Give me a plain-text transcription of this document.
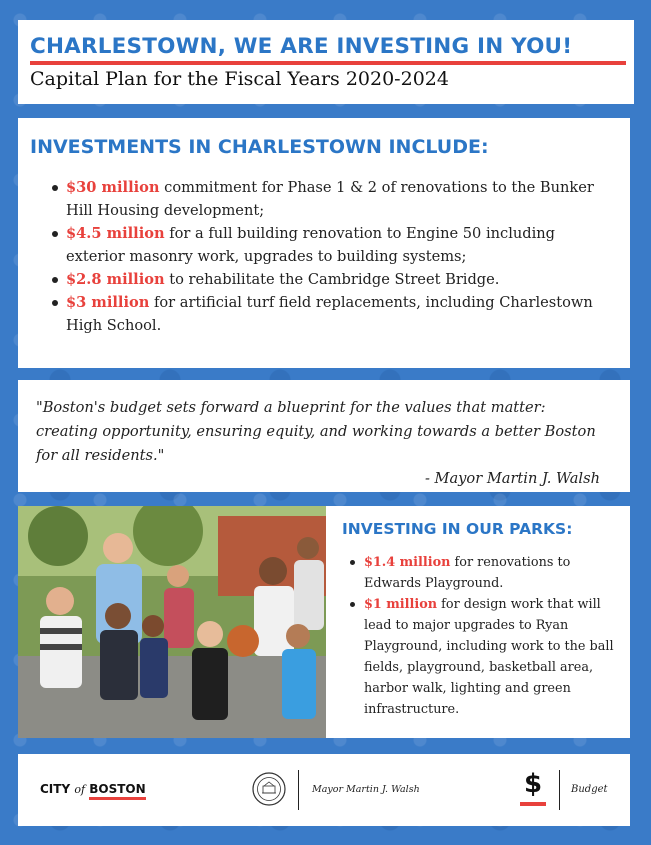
CHARLESTOWN, WE ARE INVESTING IN YOU!
Capital Plan for the Fiscal Years 2020-2024
INVESTMENTS IN CHARLESTOWN INCLUDE:
$30 million commitment for Phase 1 & 2 of renovations to the Bunker Hill Housing development;
$4.5 million for a full building renovation to Engine 50 including exterior masonry work, upgrades to building systems;
$2.8 million to rehabilitate the Cambridge Street Bridge.
$3 million for artificial turf field replacements, including Charlestown High School.
"Boston's budget sets forward a blueprint for the values that matter: creating opportunity, ensuring equity, and working towards a better Boston for all residents."
- Mayor Martin J. Walsh
INVESTING IN OUR PARKS:
$1.4 million for renovations to Edwards Playground.
$1 million for design work that will lead to major upgrades to Ryan Playground, including work to the ball fields, playground, basketball area, harbor walk, lighting and green infrastructure.
CITY of BOSTON	Mayor Martin J. Walsh	$	Budget
